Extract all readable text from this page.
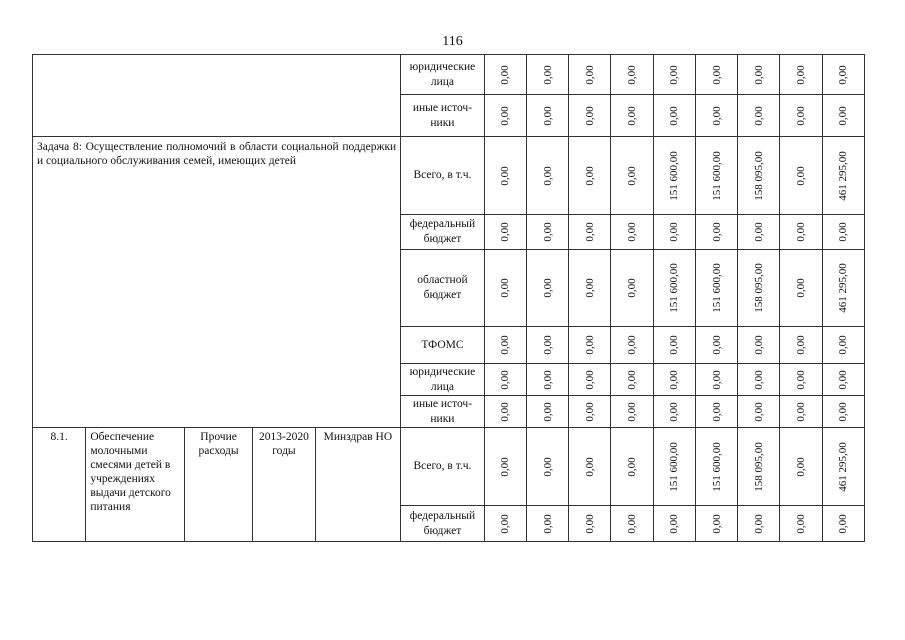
116
					юридические лица	0,00	0,00	0,00	0,00	0,00	0,00	0,00	0,00	0,00

					иные источ-ники	0,00	0,00	0,00	0,00	0,00	0,00	0,00	0,00	0,00

Задача 8: Осуществление полномочий в области социальной поддержки и социального обслуживания семей, имеющих детей					Всего, в т.ч.	0,00	0,00	0,00	0,00	151 600,00	151 600,00	158 095,00	0,00	461 295,00

					федеральный бюджет	0,00	0,00	0,00	0,00	0,00	0,00	0,00	0,00	0,00

					областной бюджет	0,00	0,00	0,00	0,00	151 600,00	151 600,00	158 095,00	0,00	461 295,00

					ТФОМС	0,00	0,00	0,00	0,00	0,00	0,00	0,00	0,00	0,00

					юридические лица	0,00	0,00	0,00	0,00	0,00	0,00	0,00	0,00	0,00

					иные источ-ники	0,00	0,00	0,00	0,00	0,00	0,00	0,00	0,00	0,00

8.1.	Обеспечение молочными смесями детей в учреждениях выдачи детского питания	Прочие расходы	2013-2020 годы	Минздрав НО	Всего, в т.ч.	0,00	0,00	0,00	0,00	151 600,00	151 600,00	158 095,00	0,00	461 295,00

					федеральный бюджет	0,00	0,00	0,00	0,00	0,00	0,00	0,00	0,00	0,00
